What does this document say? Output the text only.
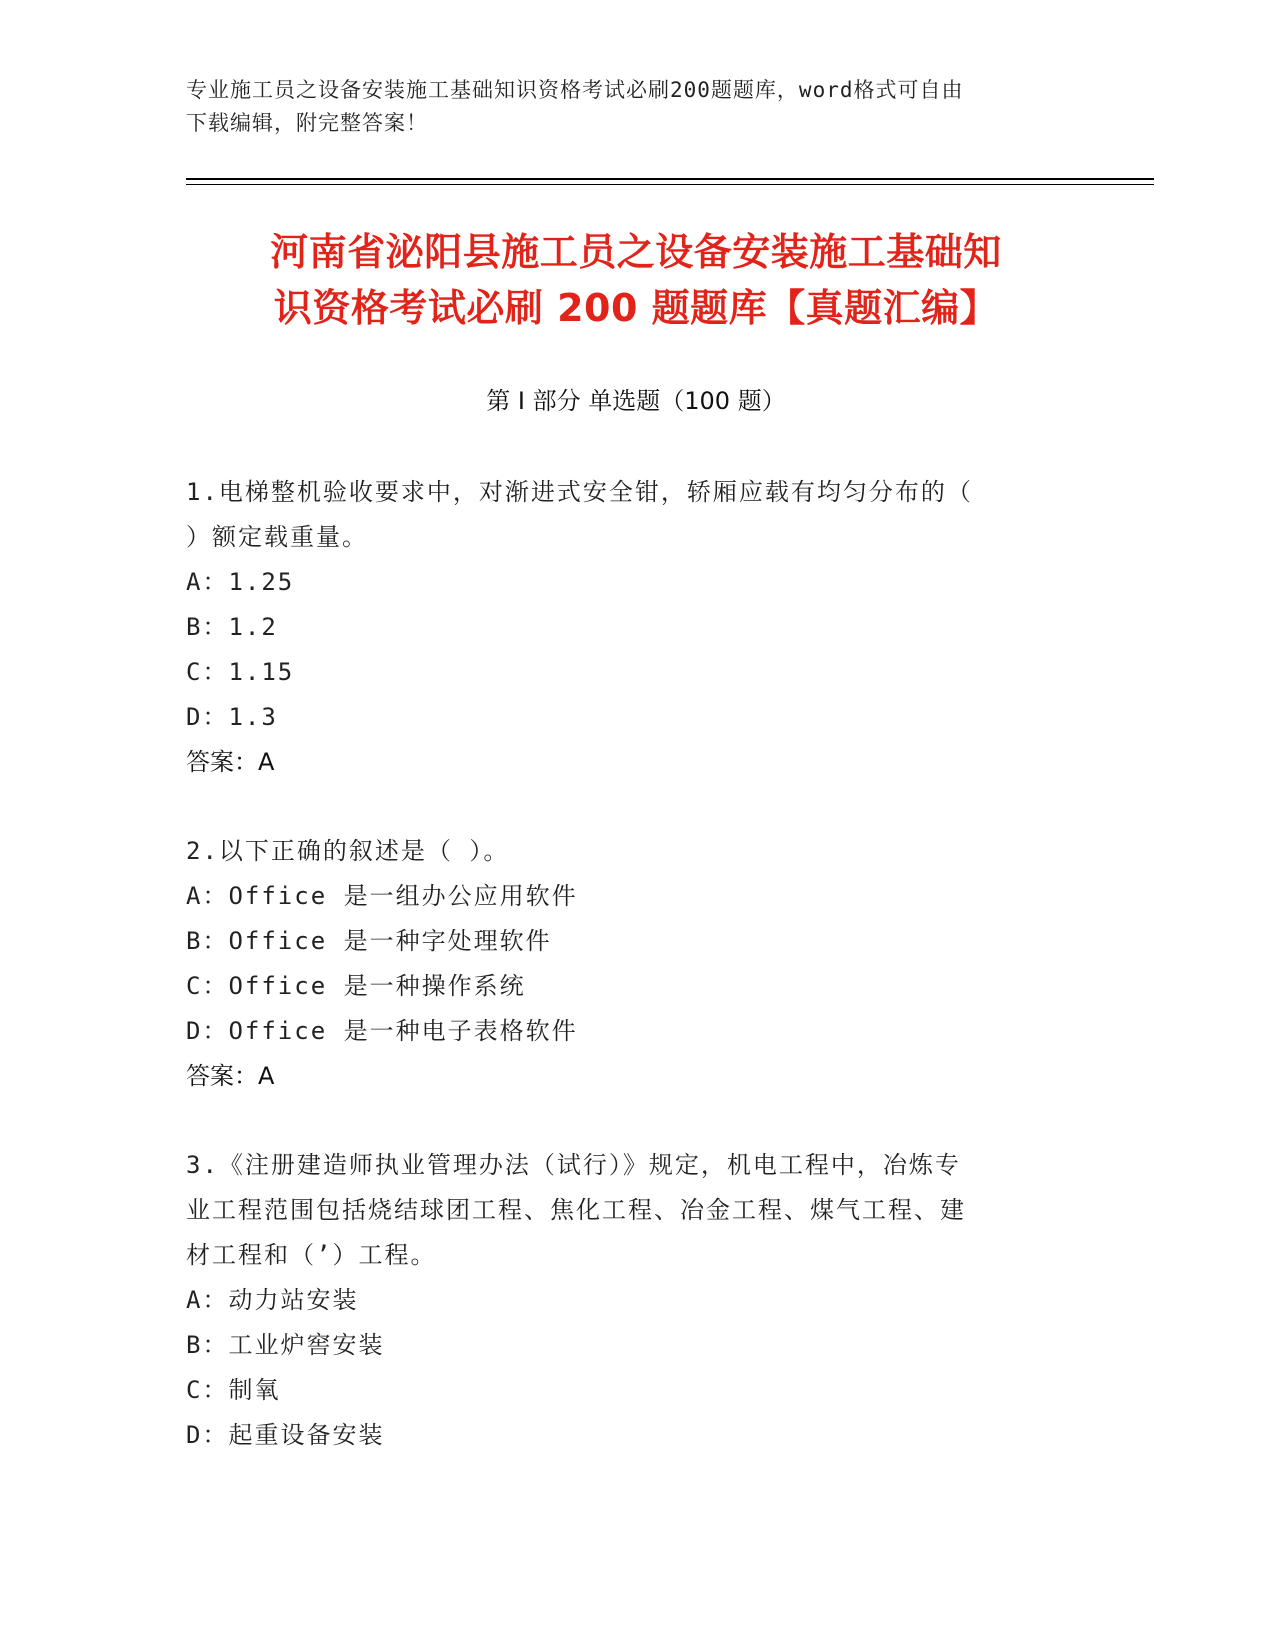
专业施工员之设备安装施工基础知识资格考试必刷200题题库，word格式可自由
下载编辑，附完整答案！
河南省泌阳县施工员之设备安装施工基础知
识资格考试必刷 200 题题库【真题汇编】
第 I 部分 单选题（100 题）
1.电梯整机验收要求中，对渐进式安全钳，轿厢应载有均匀分布的（
）额定载重量。
A：1.25
B：1.2
C：1.15
D：1.3
答案：A
2.以下正确的叙述是（ ）。
A：Office 是一组办公应用软件
B：Office 是一种字处理软件
C：Office 是一种操作系统
D：Office 是一种电子表格软件
答案：A
3.《注册建造师执业管理办法（试行）》规定，机电工程中，冶炼专
业工程范围包括烧结球团工程、焦化工程、冶金工程、煤气工程、建
材工程和（’）工程。
A：动力站安装
B：工业炉窖安装
C：制氧
D：起重设备安装
